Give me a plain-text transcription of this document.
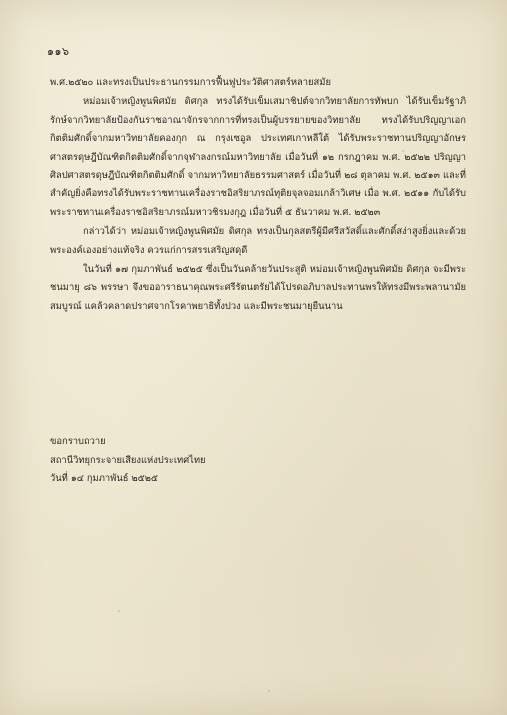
๑๑๖

พ.ศ.๒๕๒๐ และทรงเป็นประธานกรรมการฟื้นฟูประวัติศาสตร์หลายสมัย

หม่อมเจ้าหญิงพูนพิศมัย ดิศกุล ทรงได้รับเข็มเสมาชิปต์จากวิทยาลัยการทัพบก ได้รับเข็มรัฐาภิรักษ์จากวิทยาลัยป้องกันราชอาณาจักรจากการที่ทรงเป็นผู้บรรยายของวิทยาลัย ทรงได้รับปริญญาเอกกิตติมศักดิ์จากมหาวิทยาลัยคองกุก ณ กรุงเซอูล ประเทศเกาหลีใต้ ได้รับพระราชทานปริญญาอักษรศาสตรดุษฎีบัณฑิตกิตติมศักดิ์จากจุฬาลงกรณ์มหาวิทยาลัย เมื่อวันที่ ๑๒ กรกฎาคม พ.ศ. ๒๕๒๒ ปริญญาศิลปศาสตรดุษฎีบัณฑิตกิตติมศักดิ์ จากมหาวิทยาลัยธรรมศาสตร์ เมื่อวันที่ ๒๘ ตุลาคม พ.ศ. ๒๕๑๓ และที่สำคัญยิ่งคือทรงได้รับพระราชทานเครื่องราชอิสริยาภรณ์ทุติยจุลจอมเกล้าวิเศษ เมื่อ พ.ศ. ๒๕๑๑ กับได้รับพระราชทานเครื่องราชอิสริยาภรณ์มหาวชิรมงกุฎ เมื่อวันที่ ๕ ธันวาคม พ.ศ. ๒๕๒๓

กล่าวได้ว่า หม่อมเจ้าหญิงพูนพิศมัย ดิศกุล ทรงเป็นกุลสตรีผู้มีศรีสวัสดิ์และศักดิ์สง่าสูงยิ่งและด้วยพระองค์เองอย่างแท้จริง ควรแก่การสรรเสริญสดุดี

ในวันที่ ๑๗ กุมภาพันธ์ ๒๕๒๕ ซึ่งเป็นวันคล้ายวันประสูติ หม่อมเจ้าหญิงพูนพิศมัย ดิศกุล จะมีพระชนมายุ ๘๖ พรรษา จึงขออาราธนาคุณพระศรีรัตนตรัยได้โปรดอภิบาลประทานพรให้ทรงมีพระพลานามัยสมบูรณ์ แคล้วคลาดปราศจากโรคาพยาธิทั้งปวง และมีพระชนมายุยืนนาน

ขอกราบถวาย
สถานีวิทยุกระจายเสียงแห่งประเทศไทย
วันที่ ๑๔ กุมภาพันธ์ ๒๕๒๕
